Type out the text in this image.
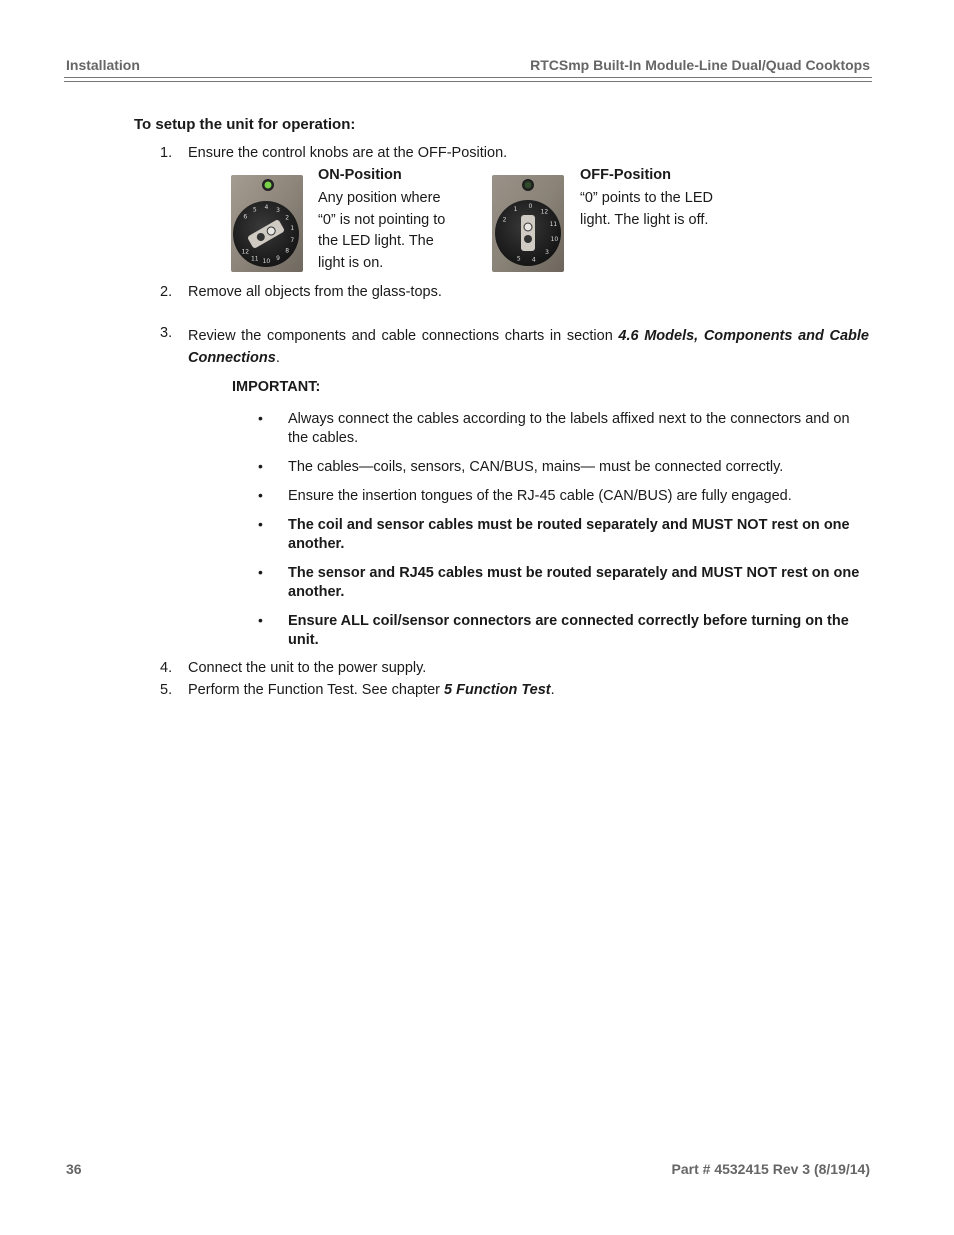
Installation	RTCSmp Built-In Module-Line Dual/Quad Cooktops
To setup the unit for operation:
1. Ensure the control knobs are at the OFF-Position.
6
5 4 3
2
1
7
8
9
10
11
12
ON-Position
Any position where
“0” is not pointing to
the LED light. The
light is on.
2
1 0
12
11
10
3
4
5
OFF-Position
“0” points to the LED
light. The light is off.
2. Remove all objects from the glass-tops.
3. Review the components and cable connections charts in section 4.6 Models, Components and Cable Connections.
IMPORTANT:
• Always connect the cables according to the labels affixed next to the connectors and on the cables.
• The cables—coils, sensors, CAN/BUS, mains— must be connected correctly.
• Ensure the insertion tongues of the RJ-45 cable (CAN/BUS) are fully engaged.
• The coil and sensor cables must be routed separately and MUST NOT rest on one another.
• The sensor and RJ45 cables must be routed separately and MUST NOT rest on one another.
• Ensure ALL coil/sensor connectors are connected correctly before turning on the unit.
4. Connect the unit to the power supply.
5. Perform the Function Test. See chapter 5 Function Test.
36	Part # 4532415 Rev 3 (8/19/14)
